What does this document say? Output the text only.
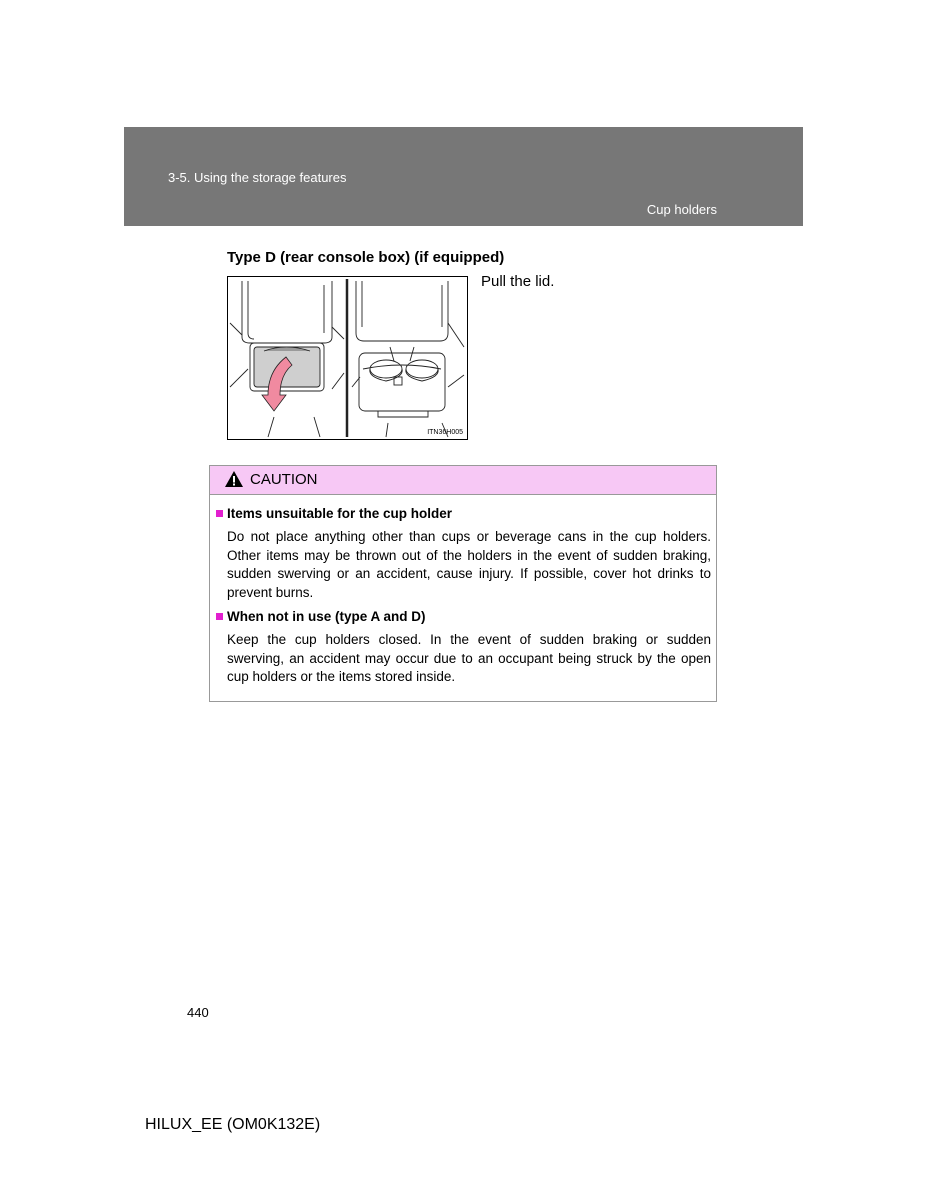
3-5. Using the storage features
Cup holders
Type D (rear console box) (if equipped)
ITN36H005
Pull the lid.
CAUTION
Items unsuitable for the cup holder
Do not place anything other than cups or beverage cans in the cup holders. Other items may be thrown out of the holders in the event of sudden braking, sudden swerving or an accident, cause injury. If possible, cover hot drinks to prevent burns.
When not in use (type A and D)
Keep the cup holders closed. In the event of sudden braking or sudden swerving, an accident may occur due to an occupant being struck by the open cup holders or the items stored inside.
440
HILUX_EE (OM0K132E)
